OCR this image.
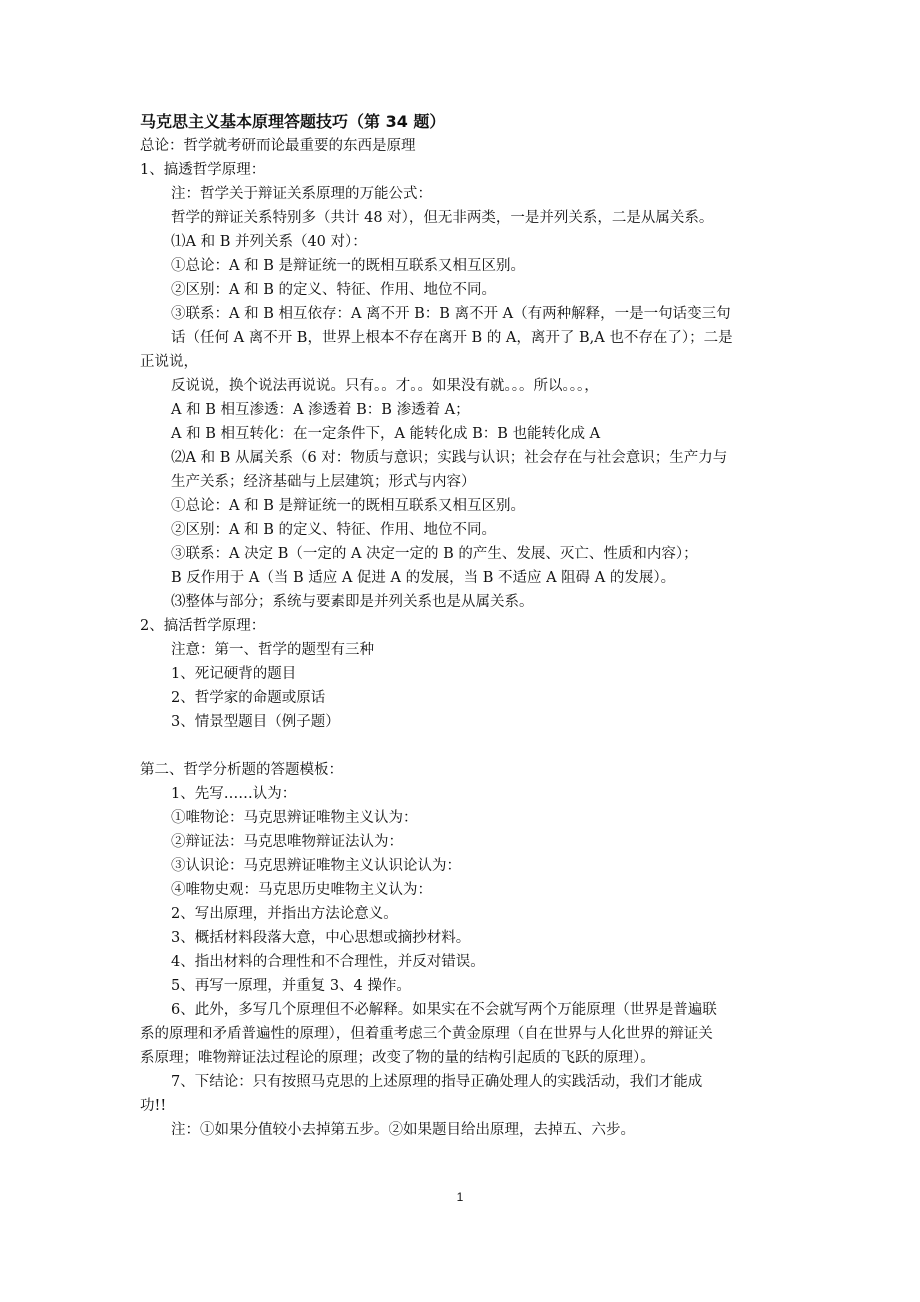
马克思主义基本原理答题技巧（第 34 题）

总论：哲学就考研而论最重要的东西是原理

1、搞透哲学原理：

注：哲学关于辩证关系原理的万能公式：

哲学的辩证关系特别多（共计 48 对），但无非两类，一是并列关系，二是从属关系。

⑴A 和 B 并列关系（40 对）：

①总论：A 和 B 是辩证统一的既相互联系又相互区别。

②区别：A 和 B 的定义、特征、作用、地位不同。

③联系：A 和 B 相互依存：A 离不开 B：B 离不开 A（有两种解释，一是一句话变三句

话（任何 A 离不开 B，世界上根本不存在离开 B 的 A，离开了 B,A 也不存在了）；二是

正说说，

反说说，换个说法再说说。只有。。才。。如果没有就。。。所以。。。，

A 和 B 相互渗透：A 渗透着 B：B 渗透着 A；

A 和 B 相互转化：在一定条件下，A 能转化成 B：B 也能转化成 A

⑵A 和 B 从属关系（6 对：物质与意识；实践与认识；社会存在与社会意识；生产力与

生产关系；经济基础与上层建筑；形式与内容）

①总论：A 和 B 是辩证统一的既相互联系又相互区别。

②区别：A 和 B 的定义、特征、作用、地位不同。

③联系：A 决定 B（一定的 A 决定一定的 B 的产生、发展、灭亡、性质和内容）；

B 反作用于 A（当 B 适应 A 促进 A 的发展，当 B 不适应 A 阻碍 A 的发展）。

⑶整体与部分；系统与要素即是并列关系也是从属关系。

2、搞活哲学原理：

注意：第一、哲学的题型有三种

1、死记硬背的题目

2、哲学家的命题或原话

3、情景型题目（例子题）

第二、哲学分析题的答题模板：

1、先写……认为：

①唯物论：马克思辨证唯物主义认为：

②辩证法：马克思唯物辩证法认为：

③认识论：马克思辨证唯物主义认识论认为：

④唯物史观：马克思历史唯物主义认为：

2、写出原理，并指出方法论意义。

3、概括材料段落大意，中心思想或摘抄材料。

4、指出材料的合理性和不合理性，并反对错误。

5、再写一原理，并重复 3、4 操作。

6、此外，多写几个原理但不必解释。如果实在不会就写两个万能原理（世界是普遍联

系的原理和矛盾普遍性的原理），但着重考虑三个黄金原理（自在世界与人化世界的辩证关

系原理；唯物辩证法过程论的原理；改变了物的量的结构引起质的飞跃的原理）。

7、下结论：只有按照马克思的上述原理的指导正确处理人的实践活动，我们才能成

功!!

注：①如果分值较小去掉第五步。②如果题目给出原理，去掉五、六步。

1
